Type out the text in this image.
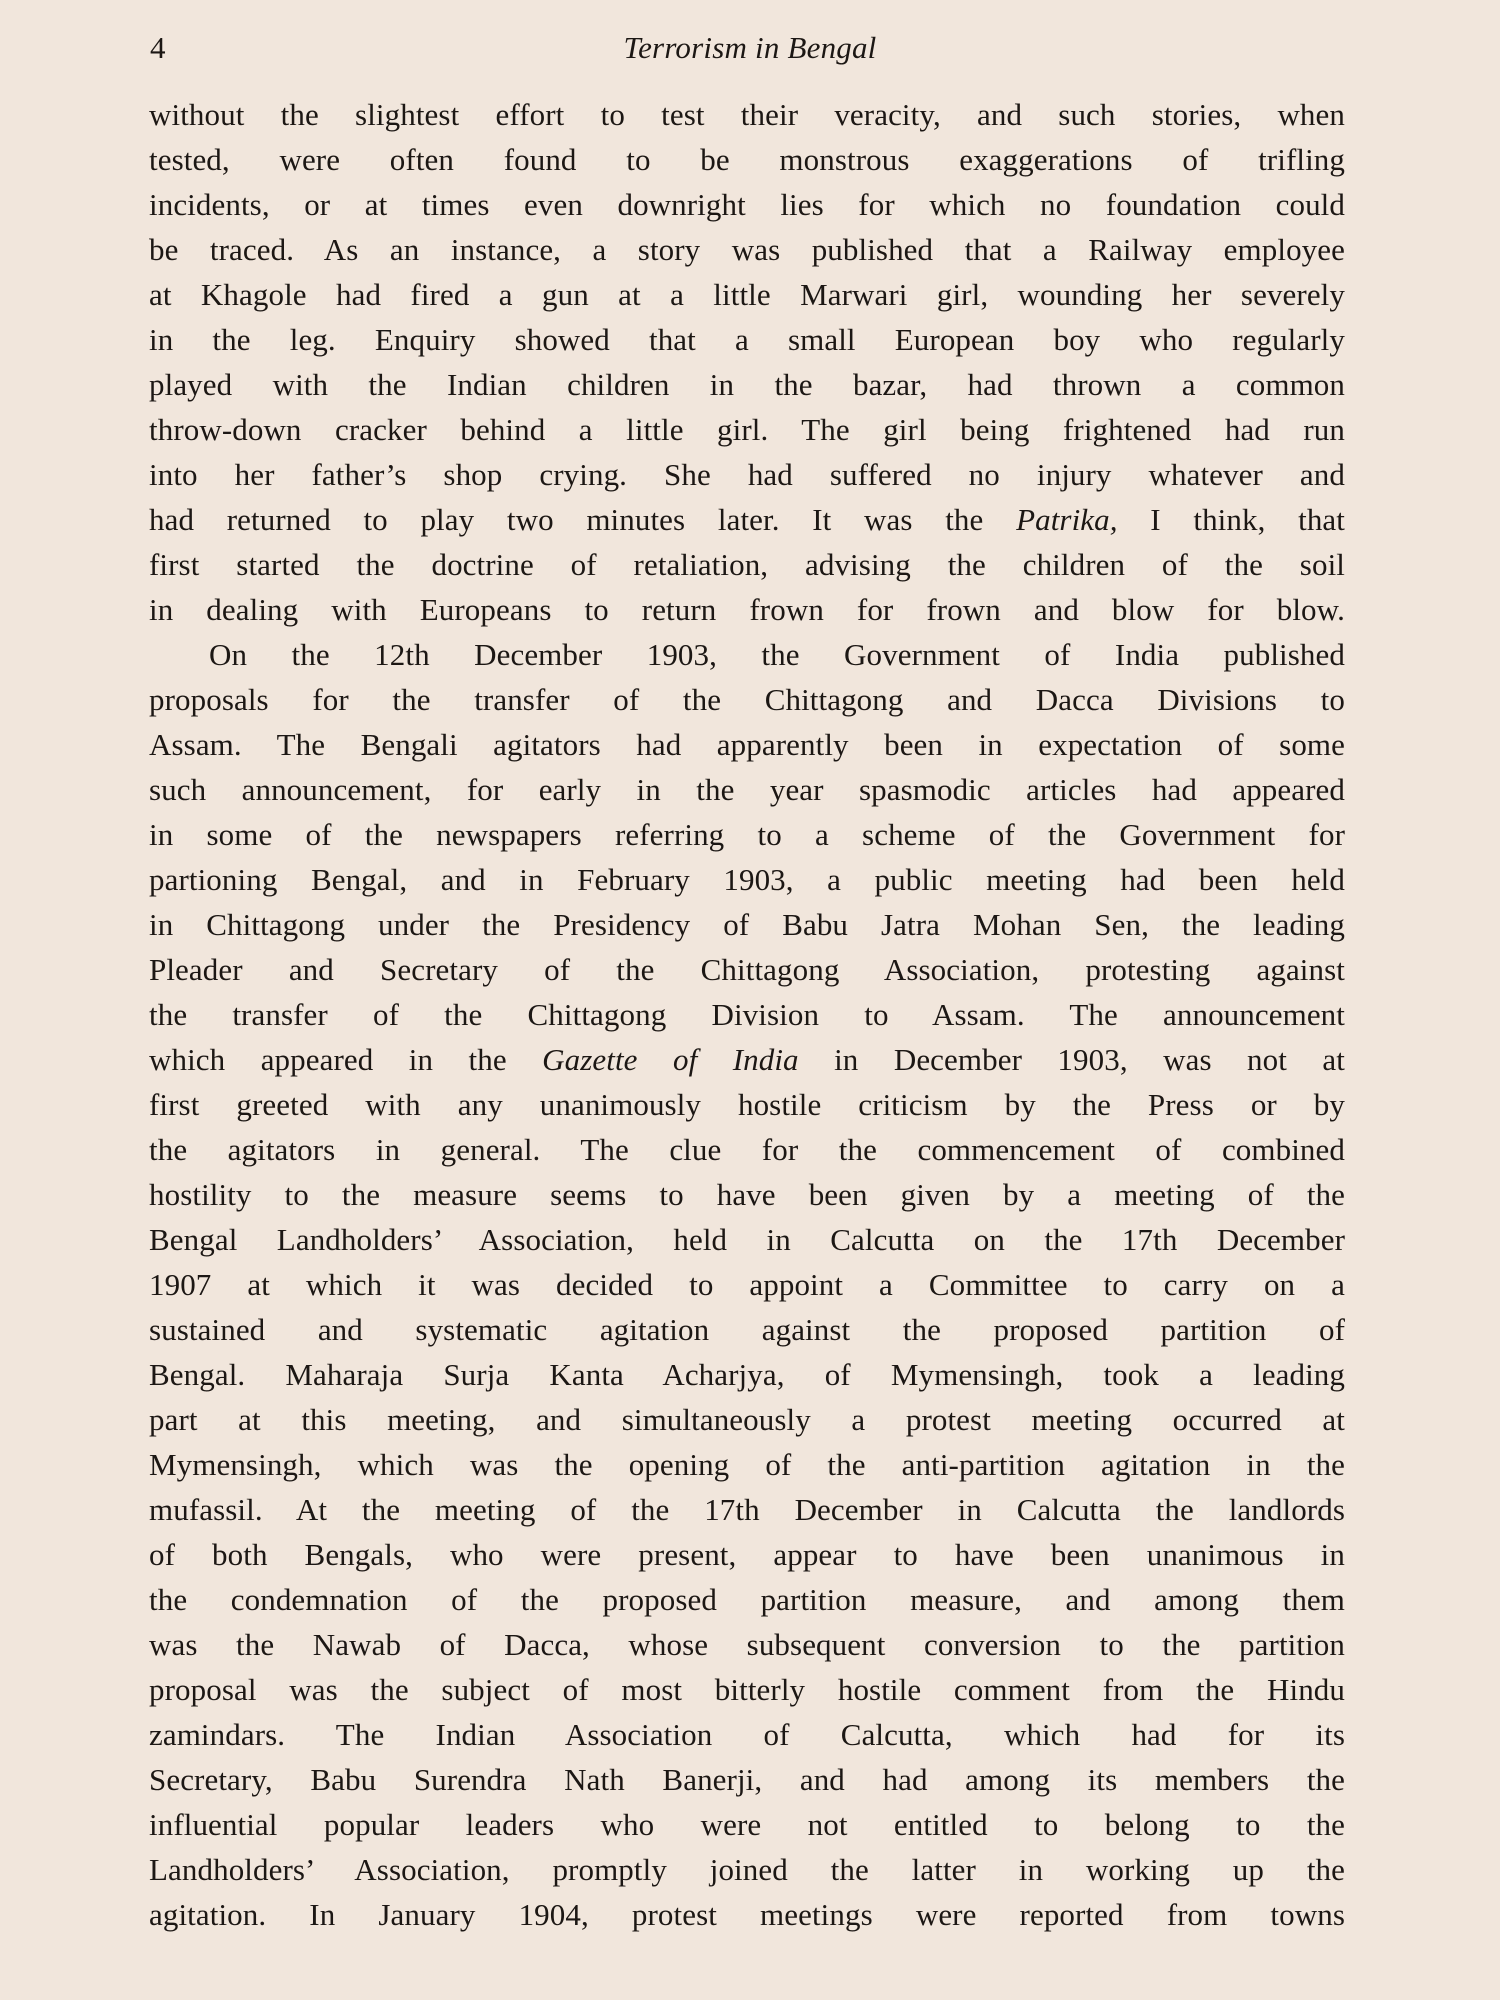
4	Terrorism in Bengal
without the slightest effort to test their veracity, and such stories, when
tested, were often found to be monstrous exaggerations of trifling
incidents, or at times even downright lies for which no foundation could
be traced. As an instance, a story was published that a Railway employee
at Khagole had fired a gun at a little Marwari girl, wounding her severely
in the leg. Enquiry showed that a small European boy who regularly
played with the Indian children in the bazar, had thrown a common
throw-down cracker behind a little girl. The girl being frightened had run
into her father’s shop crying. She had suffered no injury whatever and
had returned to play two minutes later. It was the Patrika, I think, that
first started the doctrine of retaliation, advising the children of the soil
in dealing with Europeans to return frown for frown and blow for blow.
On the 12th December 1903, the Government of India published
proposals for the transfer of the Chittagong and Dacca Divisions to
Assam. The Bengali agitators had apparently been in expectation of some
such announcement, for early in the year spasmodic articles had appeared
in some of the newspapers referring to a scheme of the Government for
partioning Bengal, and in February 1903, a public meeting had been held
in Chittagong under the Presidency of Babu Jatra Mohan Sen, the leading
Pleader and Secretary of the Chittagong Association, protesting against
the transfer of the Chittagong Division to Assam. The announcement
which appeared in the Gazette of India in December 1903, was not at
first greeted with any unanimously hostile criticism by the Press or by
the agitators in general. The clue for the commencement of combined
hostility to the measure seems to have been given by a meeting of the
Bengal Landholders’ Association, held in Calcutta on the 17th December
1907 at which it was decided to appoint a Committee to carry on a
sustained and systematic agitation against the proposed partition of
Bengal. Maharaja Surja Kanta Acharjya, of Mymensingh, took a leading
part at this meeting, and simultaneously a protest meeting occurred at
Mymensingh, which was the opening of the anti-partition agitation in the
mufassil. At the meeting of the 17th December in Calcutta the landlords
of both Bengals, who were present, appear to have been unanimous in
the condemnation of the proposed partition measure, and among them
was the Nawab of Dacca, whose subsequent conversion to the partition
proposal was the subject of most bitterly hostile comment from the Hindu
zamindars. The Indian Association of Calcutta, which had for its
Secretary, Babu Surendra Nath Banerji, and had among its members the
influential popular leaders who were not entitled to belong to the
Landholders’ Association, promptly joined the latter in working up the
agitation. In January 1904, protest meetings were reported from towns
